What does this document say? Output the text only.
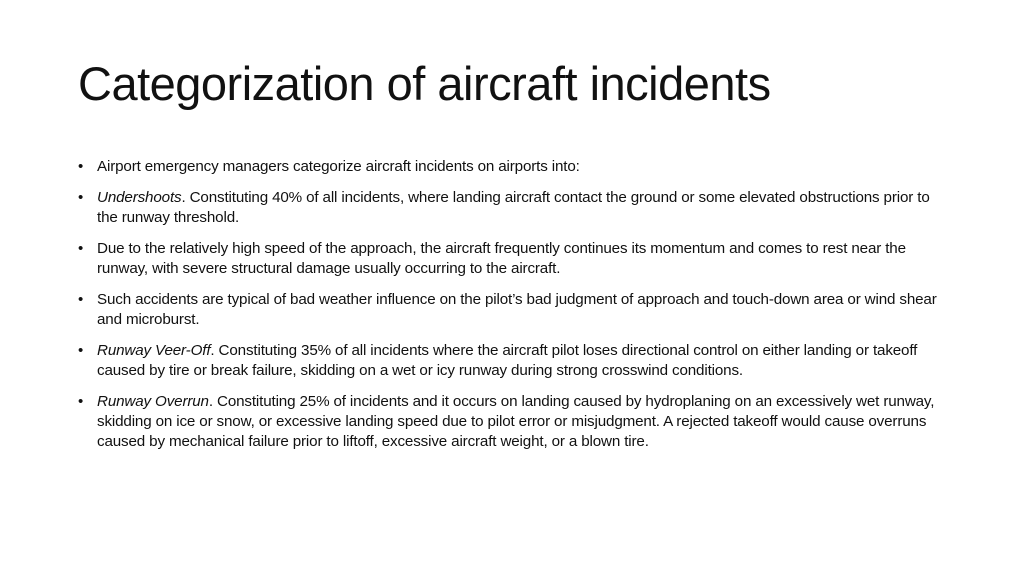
Categorization of aircraft incidents
• Airport emergency managers categorize aircraft incidents on airports into:
• Undershoots. Constituting 40% of all incidents, where landing aircraft contact the ground or some elevated obstructions prior to the runway threshold.
• Due to the relatively high speed of the approach, the aircraft frequently continues its momentum and comes to rest near the runway, with severe structural damage usually occurring to the aircraft.
• Such accidents are typical of bad weather influence on the pilot’s bad judgment of approach and touch-down area or wind shear and microburst.
• Runway Veer-Off. Constituting 35% of all incidents where the aircraft pilot loses directional control on either landing or takeoff caused by tire or break failure, skidding on a wet or icy runway during strong crosswind conditions.
• Runway Overrun. Constituting 25% of incidents and it occurs on landing caused by hydroplaning on an excessively wet runway, skidding on ice or snow, or excessive landing speed due to pilot error or misjudgment. A rejected takeoff would cause overruns caused by mechanical failure prior to liftoff, excessive aircraft weight, or a blown tire.
